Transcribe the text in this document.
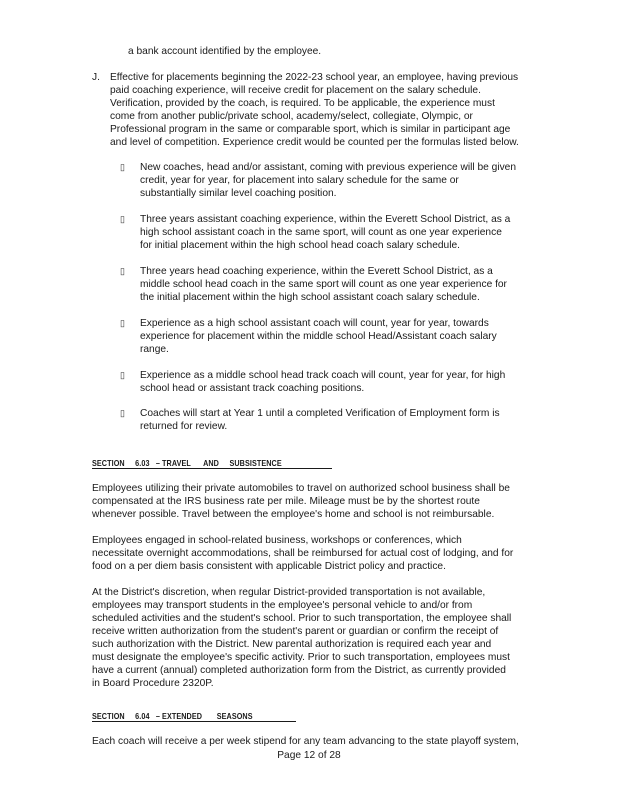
a bank account identified by the employee.

J. Effective for placements beginning the 2022-23 school year, an employee, having previous

paid coaching experience, will receive credit for placement on the salary schedule.

Verification, provided by the coach, is required. To be applicable, the experience must

come from another public/private school, academy/select, collegiate, Olympic, or

Professional program in the same or comparable sport, which is similar in participant age

and level of competition. Experience credit would be counted per the formulas listed below.

▯	New coaches, head and/or assistant, coming with previous experience will be given

credit, year for year, for placement into salary schedule for the same or

substantially similar level coaching position.

▯	Three years assistant coaching experience, within the Everett School District, as a

high school assistant coach in the same sport, will count as one year experience

for initial placement within the high school head coach salary schedule.

▯	Three years head coaching experience, within the Everett School District, as a

middle school head coach in the same sport will count as one year experience for

the initial placement within the high school assistant coach salary schedule.

▯	Experience as a high school assistant coach will count, year for year, towards

experience for placement within the middle school Head/Assistant coach salary

range.

▯	Experience as a middle school head track coach will count, year for year, for high

school head or assistant track coaching positions.

▯	Coaches will start at Year 1 until a completed Verification of Employment form is

returned for review.

SECTION     6.03   – TRAVEL      AND     SUBSISTENCE

Employees utilizing their private automobiles to travel on authorized school business shall be

compensated at the IRS business rate per mile. Mileage must be by the shortest route

whenever possible. Travel between the employee's home and school is not reimbursable.

Employees engaged in school-related business, workshops or conferences, which

necessitate overnight accommodations, shall be reimbursed for actual cost of lodging, and for

food on a per diem basis consistent with applicable District policy and practice.

At the District's discretion, when regular District-provided transportation is not available,

employees may transport students in the employee's personal vehicle to and/or from

scheduled activities and the student's school. Prior to such transportation, the employee shall

receive written authorization from the student's parent or guardian or confirm the receipt of

such authorization with the District. New parental authorization is required each year and

must designate the employee's specific activity. Prior to such transportation, employees must

have a current (annual) completed authorization form from the District, as currently provided

in Board Procedure 2320P.

SECTION     6.04   – EXTENDED       SEASONS

Each coach will receive a per week stipend for any team advancing to the state playoff system,

Page 12 of 28
